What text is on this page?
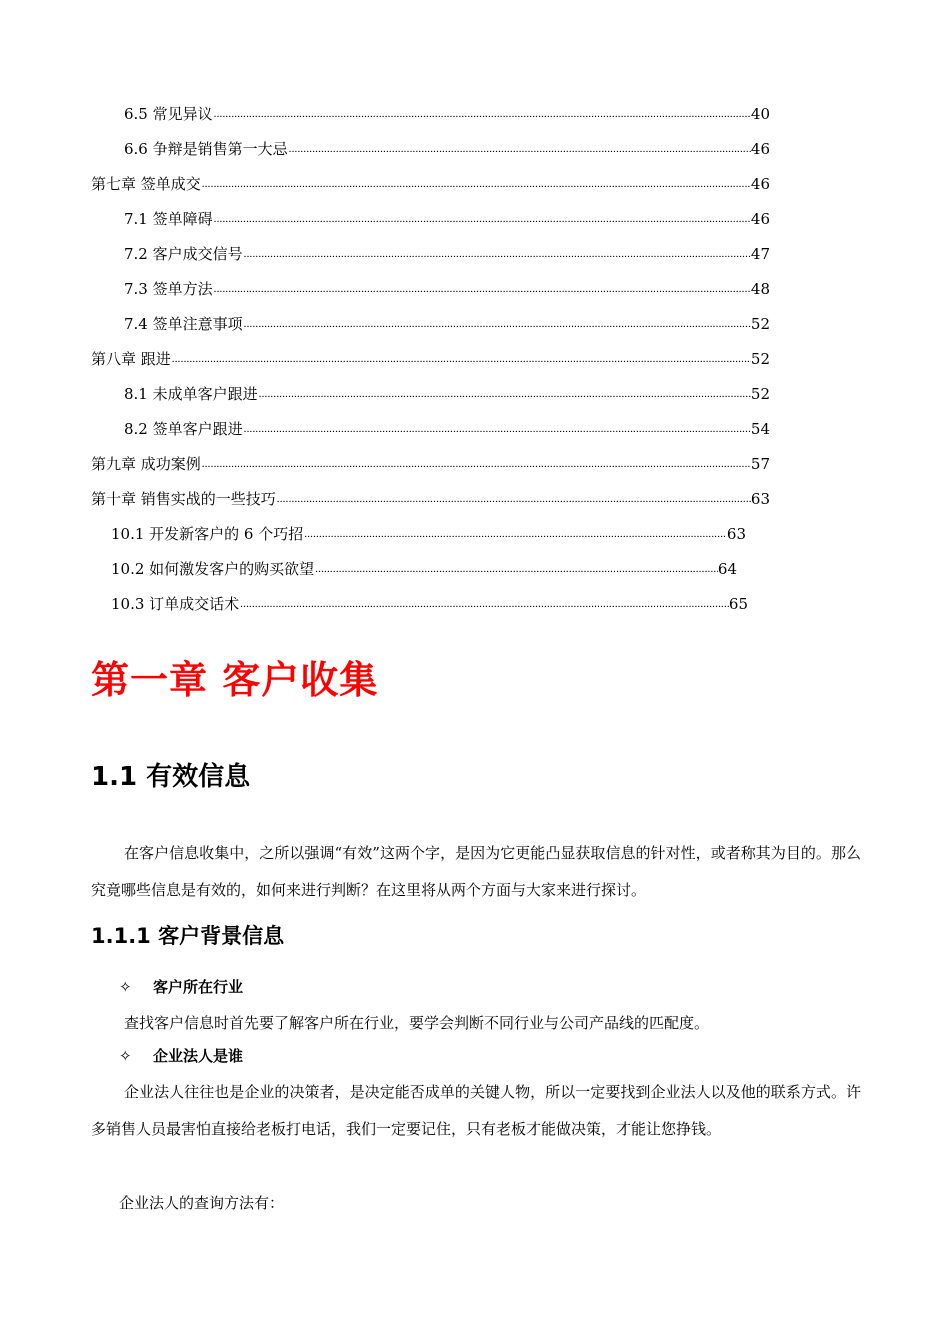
6.5 常见异议 .....	40
6.6 争辩是销售第一大忌 .....	46
第七章 签单成交 .....	46
7.1 签单障碍 .....	46
7.2 客户成交信号 .....	47
7.3 签单方法 .....	48
7.4 签单注意事项 .....	52
第八章 跟进 .....	52
8.1 未成单客户跟进 .....	52
8.2 签单客户跟进 .....	54
第九章 成功案例 .....	57
第十章 销售实战的一些技巧 .....	63
10.1 开发新客户的 6 个巧招 .....	63
10.2 如何激发客户的购买欲望 .....	64
10.3 订单成交话术 .....	65
第一章 客户收集
1.1 有效信息

在客户信息收集中，之所以强调“有效”这两个字，是因为它更能凸显获取信息的针对性，或者称其为目的。那么究竟哪些信息是有效的，如何来进行判断？在这里将从两个方面与大家来进行探讨。

1.1.1 客户背景信息
✧ 客户所在行业

查找客户信息时首先要了解客户所在行业，要学会判断不同行业与公司产品线的匹配度。

✧ 企业法人是谁

企业法人往往也是企业的决策者，是决定能否成单的关键人物，所以一定要找到企业法人以及他的联系方式。许多销售人员最害怕直接给老板打电话，我们一定要记住，只有老板才能做决策，才能让您挣钱。

企业法人的查询方法有：
